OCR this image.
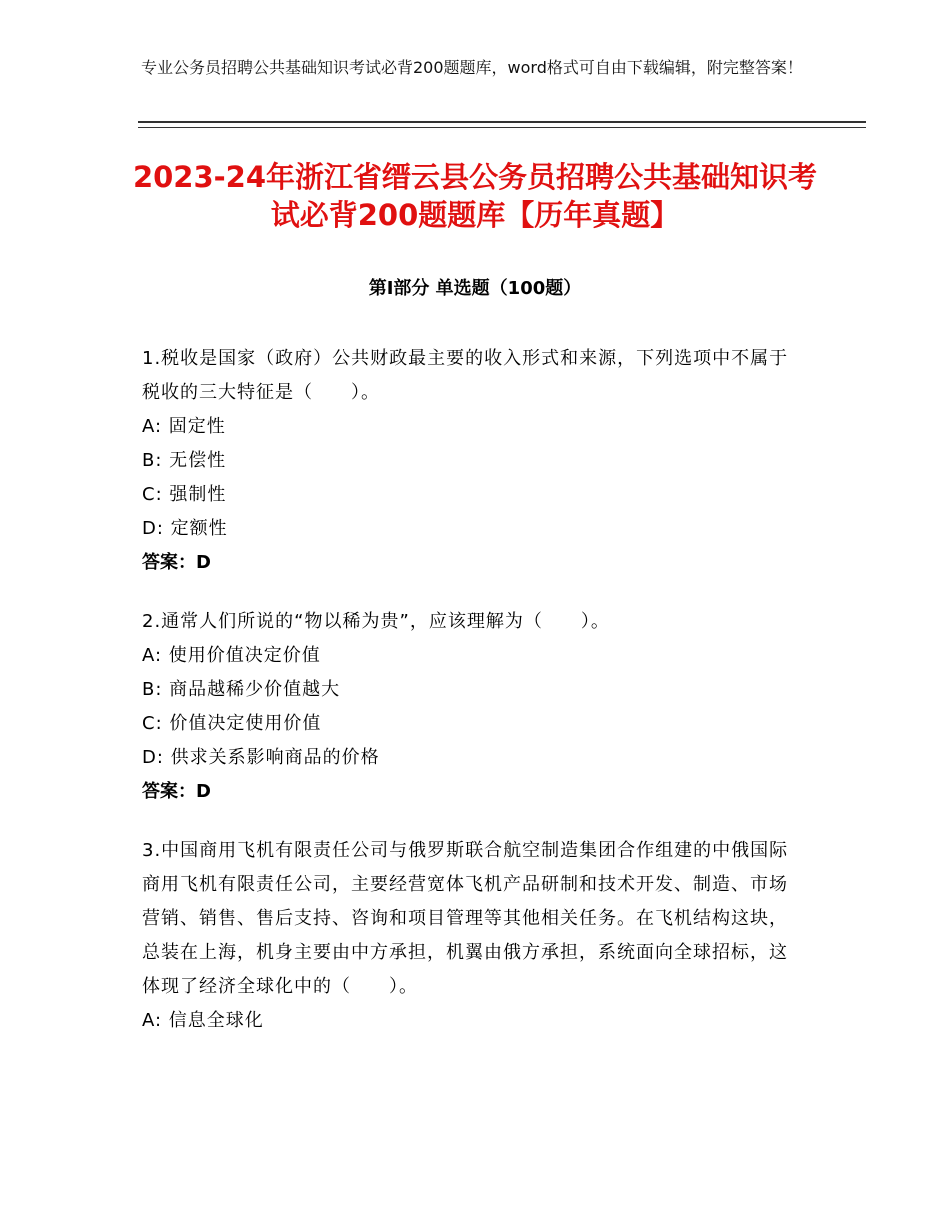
专业公务员招聘公共基础知识考试必背200题题库，word格式可自由下载编辑，附完整答案！
2023-24年浙江省缙云县公务员招聘公共基础知识考试必背200题题库【历年真题】
第Ⅰ部分 单选题（100题）

1.税收是国家（政府）公共财政最主要的收入形式和来源，下列选项中不属于税收的三大特征是（　　）。

A: 固定性

B: 无偿性

C: 强制性

D: 定额性

答案：D

2.通常人们所说的“物以稀为贵”，应该理解为（　　）。

A: 使用价值决定价值

B: 商品越稀少价值越大

C: 价值决定使用价值

D: 供求关系影响商品的价格

答案：D

3.中国商用飞机有限责任公司与俄罗斯联合航空制造集团合作组建的中俄国际商用飞机有限责任公司，主要经营宽体飞机产品研制和技术开发、制造、市场营销、销售、售后支持、咨询和项目管理等其他相关任务。在飞机结构这块，总装在上海，机身主要由中方承担，机翼由俄方承担，系统面向全球招标，这体现了经济全球化中的（　　）。

A: 信息全球化
